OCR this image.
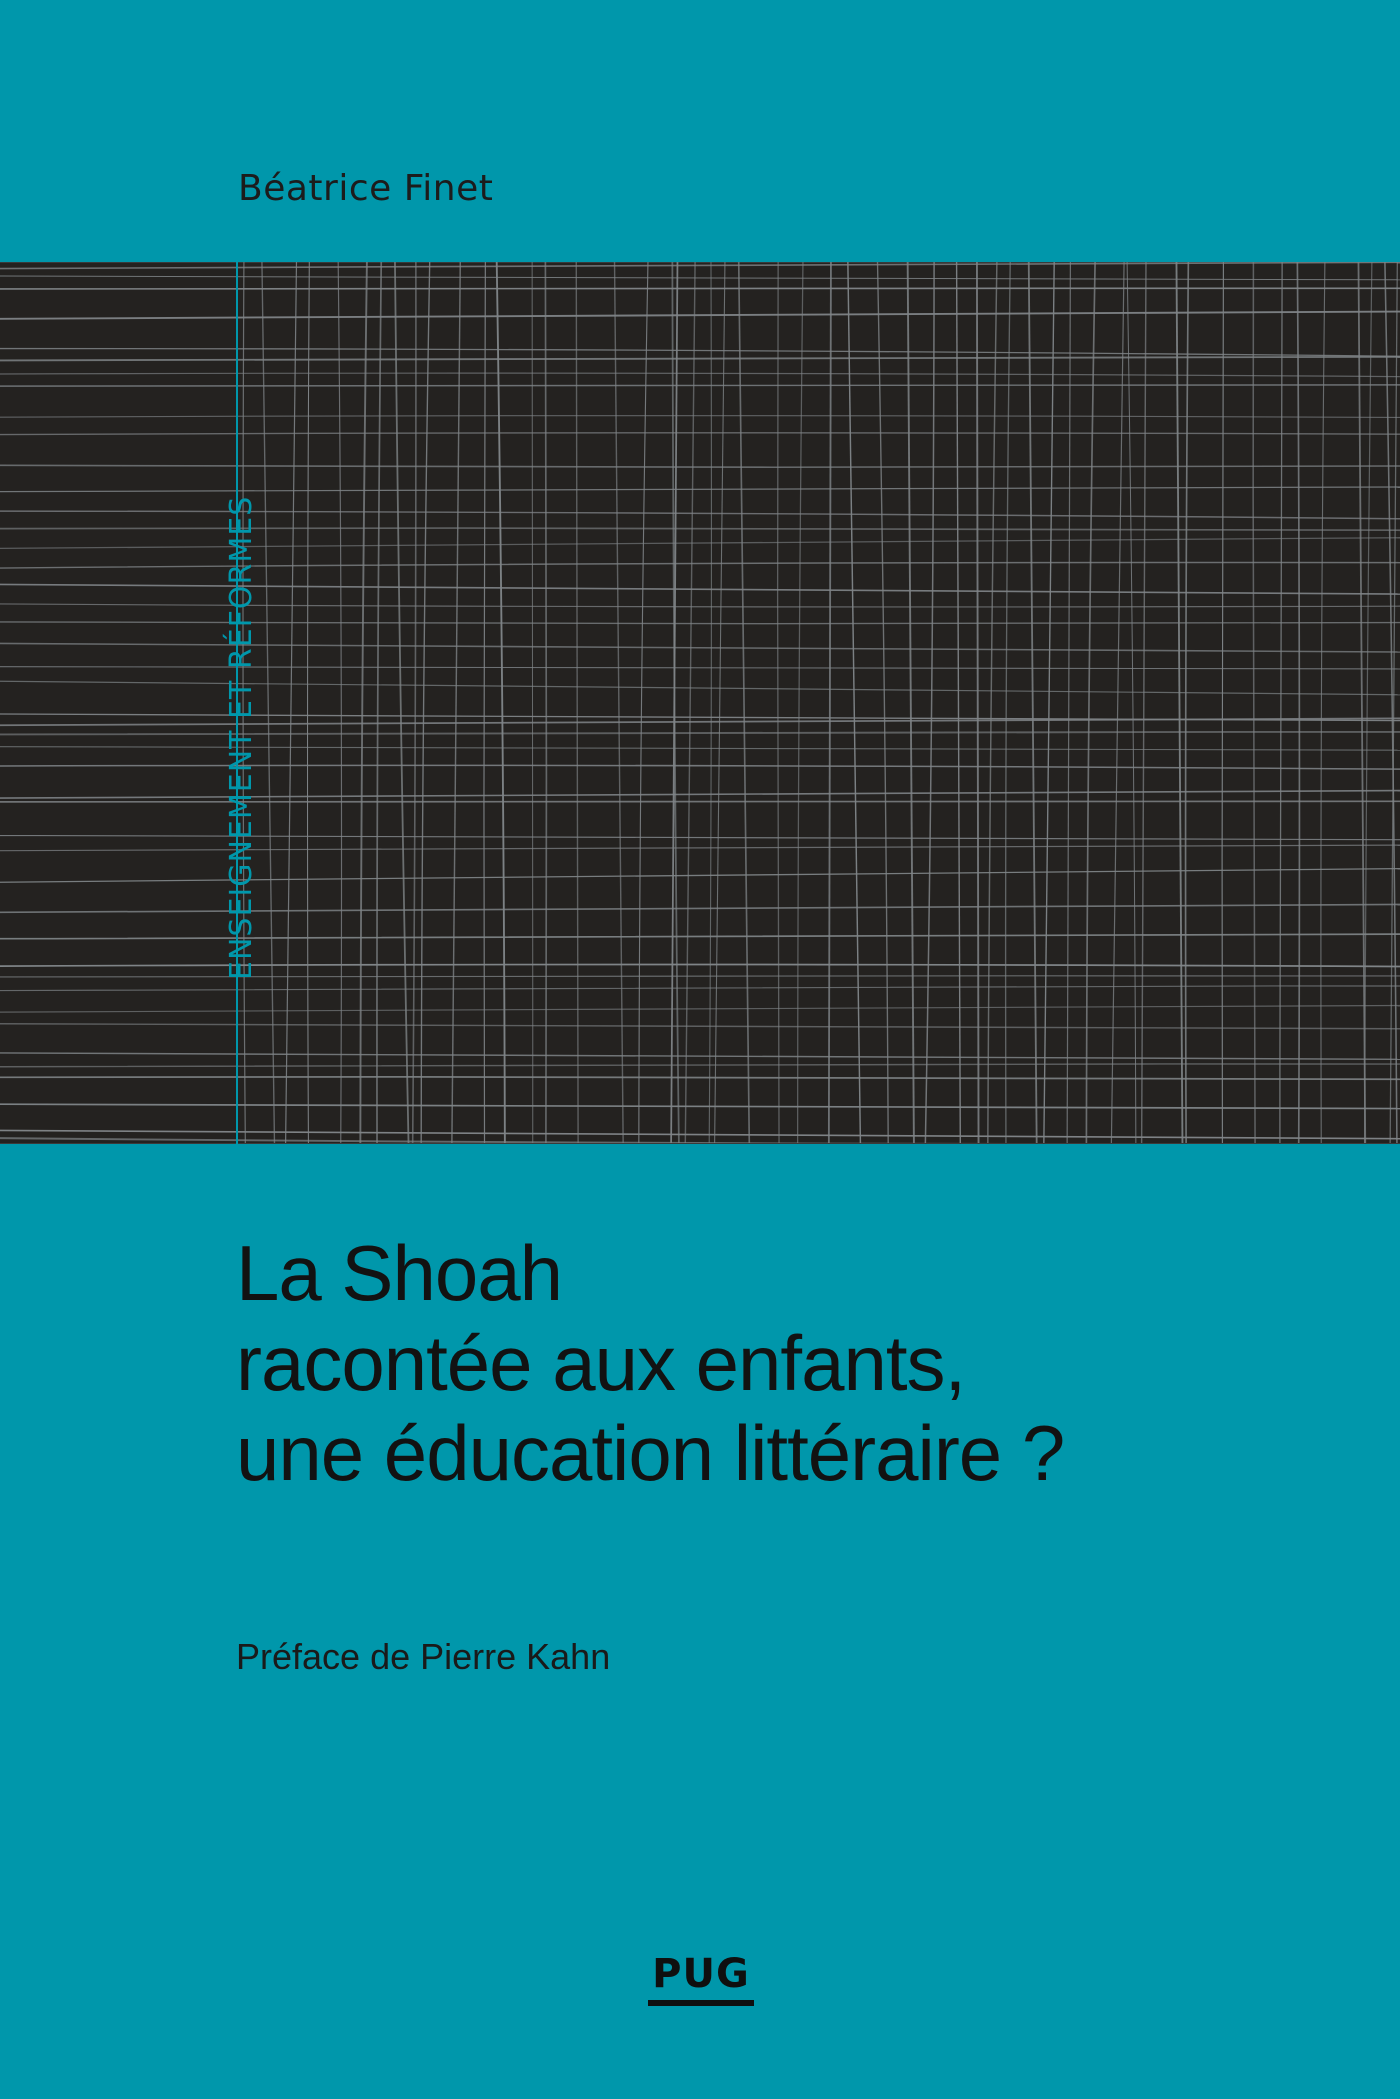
Béatrice Finet

ENSEIGNEMENT ET RÉFORMES

La Shoah
racontée aux enfants,
une éducation littéraire ?

Préface de Pierre Kahn

PUG
